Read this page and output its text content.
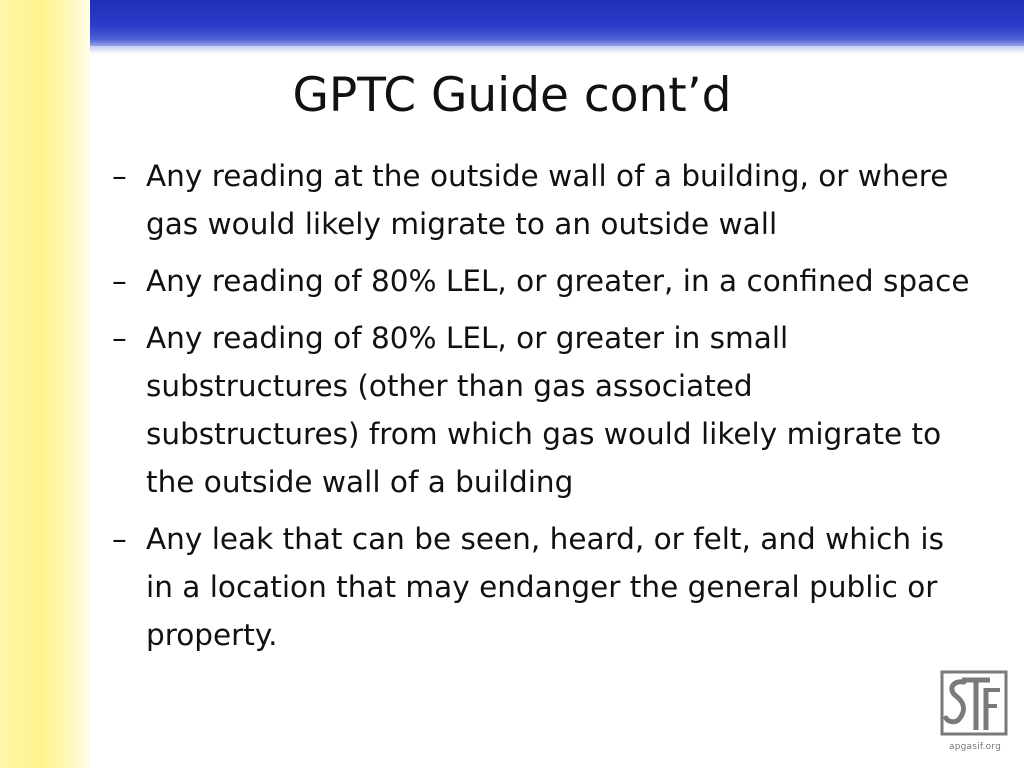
GPTC Guide cont’d
– Any reading at the outside wall of a building, or where gas would likely migrate to an outside wall
– Any reading of 80% LEL, or greater, in a confined space
– Any reading of 80% LEL, or greater in small substructures (other than gas associated substructures) from which gas would likely migrate to the outside wall of a building
– Any leak that can be seen, heard, or felt, and which is in a location that may endanger the general public or property.
apgasif.org
